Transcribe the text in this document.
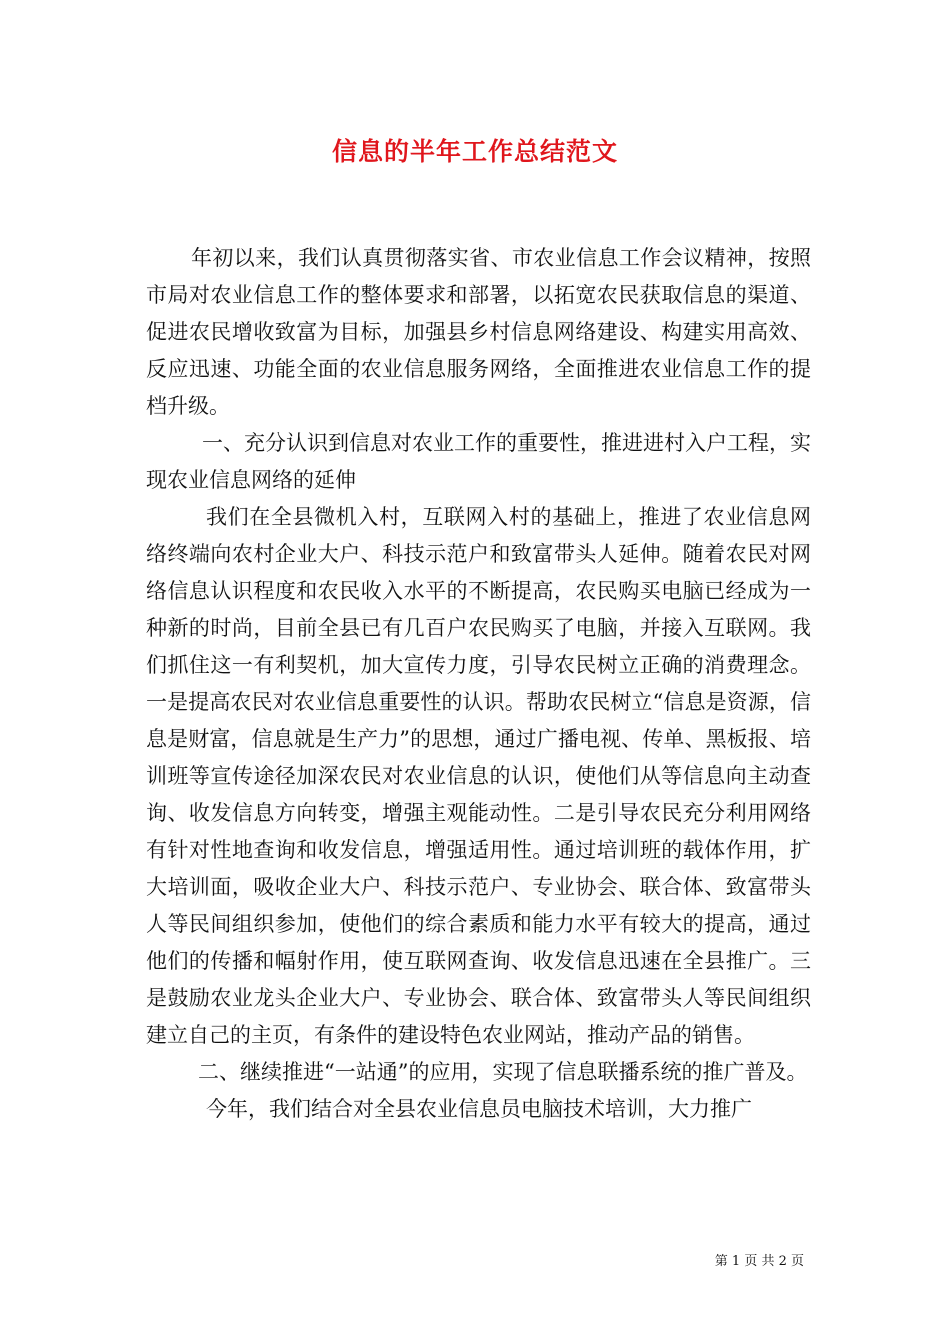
信息的半年工作总结范文

年初以来，我们认真贯彻落实省、市农业信息工作会议精神，按照市局对农业信息工作的整体要求和部署，以拓宽农民获取信息的渠道、促进农民增收致富为目标，加强县乡村信息网络建设、构建实用高效、反应迅速、功能全面的农业信息服务网络，全面推进农业信息工作的提档升级。

一、充分认识到信息对农业工作的重要性，推进进村入户工程，实现农业信息网络的延伸

我们在全县微机入村，互联网入村的基础上，推进了农业信息网络终端向农村企业大户、科技示范户和致富带头人延伸。随着农民对网络信息认识程度和农民收入水平的不断提高，农民购买电脑已经成为一种新的时尚，目前全县已有几百户农民购买了电脑，并接入互联网。我们抓住这一有利契机，加大宣传力度，引导农民树立正确的消费理念。一是提高农民对农业信息重要性的认识。帮助农民树立“信息是资源，信息是财富，信息就是生产力”的思想，通过广播电视、传单、黑板报、培训班等宣传途径加深农民对农业信息的认识，使他们从等信息向主动查询、收发信息方向转变，增强主观能动性。二是引导农民充分利用网络有针对性地查询和收发信息，增强适用性。通过培训班的载体作用，扩大培训面，吸收企业大户、科技示范户、专业协会、联合体、致富带头人等民间组织参加，使他们的综合素质和能力水平有较大的提高，通过他们的传播和幅射作用，使互联网查询、收发信息迅速在全县推广。三是鼓励农业龙头企业大户、专业协会、联合体、致富带头人等民间组织建立自己的主页，有条件的建设特色农业网站，推动产品的销售。

二、继续推进“一站通”的应用，实现了信息联播系统的推广普及。

今年，我们结合对全县农业信息员电脑技术培训，大力推广

第 1 页 共 2 页
